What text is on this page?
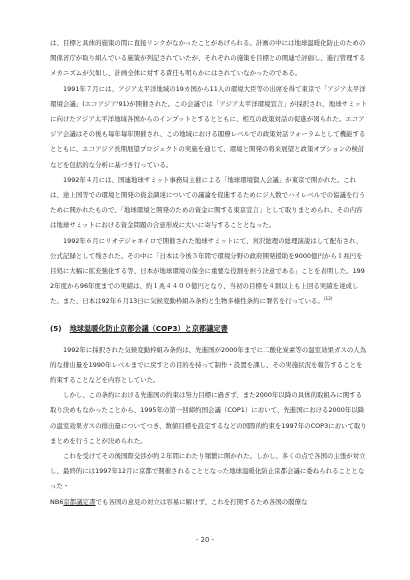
は、目標と具体的施策の間に直接リンクがなかったことがあげられる。計画の中には地球温暖化防止のための関係省庁が取り組んでいる施策が列記されていたが、それぞれの施策を目標との関連で評価し、進行管理するメカニズムが欠如し、計画全体に対する責任も明らかにはされていなかったのである。

1991年７月には、アジア太平洋地域の19カ国から11人の環境大臣等の出席を得て東京で「アジア太平洋環境会議」(エコアジア'91)が開催された。この会議では「アジア太平洋環境宣言」が採択され、地球サミットに向けたアジア太平洋地域各国からのインプットとするとともに、相互の政策対話の促進が図られた。エコアジア会議はその後も毎年毎年開催され、この地域における閣僚レベルでの政策対話フォーラムとして機能するとともに、エコアジア長期展望プロジェクトの実施を通じて、環境と開発の将来展望と政策オプションの検討などを包括的な分析に基づき行っている。

1992年４月には、国連地球サミット事務局主催による「地球環境賢人会議」が東京で開かれた。これは、途上国等での環境と開発の資金調達についての議論を促進するためにジ人数でハイレベルでの協議を行うために開かれたもので、「地球環境と開発のための資金に関する東京宣言」として取りまとめられ、その内容は地球サミットにおける資金問題の合意形成に大いに寄与することとなった。

1992年６月にリオデジャネイロで開催された地球サミットにて、宮沢総理の総理演説はして配布され、公式記録として残された。その中に「日本は今後５年間で環境分野の政府開発援助を9000億円から１兆円を目処に大幅に拡充強化する等、日本が地球環境の保全に重要な役割を担う決意である」ことを表明した。1992年度から96年度までの実績は、約１兆４４００億円となり、当初の目標を４割以上も上回る実績を達成した。また、日本は92年６月13日に気候変動枠組み条約と生物多様性条約に署名を行っている。$^{(12)}$

(5) 地球温暖化防止京都会議（COP3）と京都議定書

1992年に採択された気候変動枠組み条約は、先進国が2000年までに二酸化炭素等の温室効果ガスの人為的な排出量を1990年レベルまでに戻すとの目的を持って制作・設置を課し、その実施状況を報告することを約束することなどを内容としていた。

しかし、この条約における先進国の約束は努力目標に過ぎず、また2000年以降の具体的取組みに関する取り決めもなかったことから、1995年の第一回締約国会議（COP1）において、先進国における2000年以降の温室効果ガスの排出量についてつき、数値目標を設定するなどの国際的約束を1997年のCOP3において取りまとめを行うことが決められた。

これを受けてその後国際交渉が約２年間にわたり頻繁に開かれた。しかし、多くの点で各国の主張が対立し、最終的には1997年12月に京都で開催されることとなった地球温暖化防止京都会議に委ねられることとなった・

NB6京都議定書でも各国の意見の対立は容易に解けず、これを打開するため各国の閣僚な

- 20 -
